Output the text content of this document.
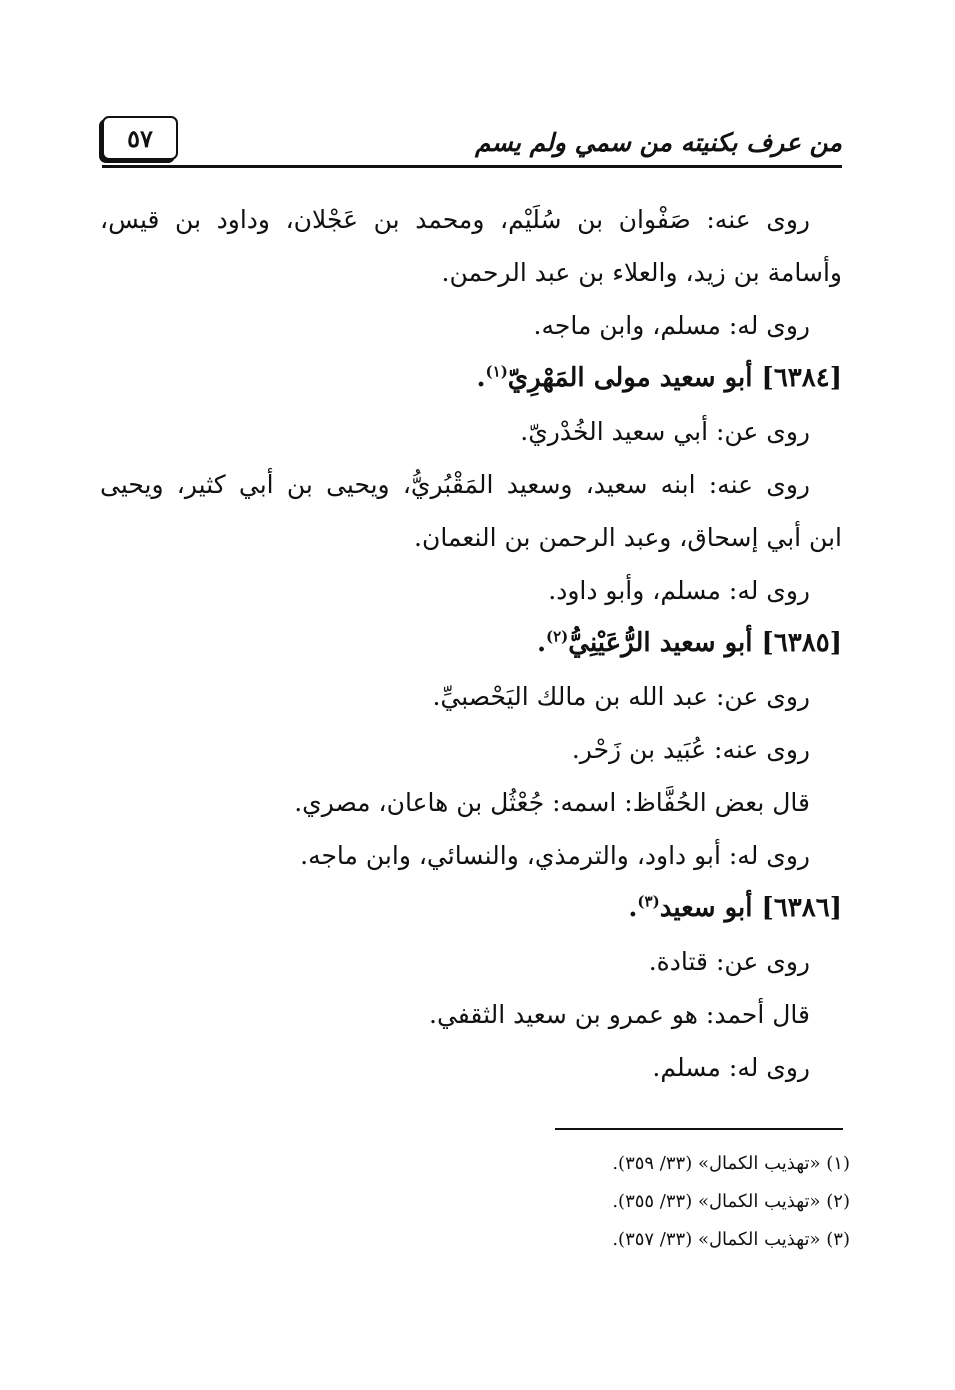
من عرف بكنيته من سمي ولم يسم
٥٧
روى عنه: صَفْوان بن سُلَيْم، ومحمد بن عَجْلان، وداود بن قيس،
وأسامة بن زيد، والعلاء بن عبد الرحمن.
روى له: مسلم، وابن ماجه.
[٦٣٨٤] أبو سعيد مولى المَهْرِيّ$^{(١)}$.
روى عن: أبي سعيد الخُدْريّ.
روى عنه: ابنه سعيد، وسعيد المَقْبُريُّ، ويحيى بن أبي كثير، ويحيى
ابن أبي إسحاق، وعبد الرحمن بن النعمان.
روى له: مسلم، وأبو داود.
[٦٣٨٥] أبو سعيد الرُّعَيْنِيُّ$^{(٢)}$.
روى عن: عبد الله بن مالك اليَحْصبيِّ.
روى عنه: عُبَيد بن زَحْر.
قال بعض الحُفَّاظ: اسمه: جُعْثُل بن هاعان، مصري.
روى له: أبو داود، والترمذي، والنسائي، وابن ماجه.
[٦٣٨٦] أبو سعيد$^{(٣)}$.
روى عن: قتادة.
قال أحمد: هو عمرو بن سعيد الثقفي.
روى له: مسلم.
(١) «تهذيب الكمال» (٣٣/ ٣٥٩).
(٢) «تهذيب الكمال» (٣٣/ ٣٥٥).
(٣) «تهذيب الكمال» (٣٣/ ٣٥٧).
